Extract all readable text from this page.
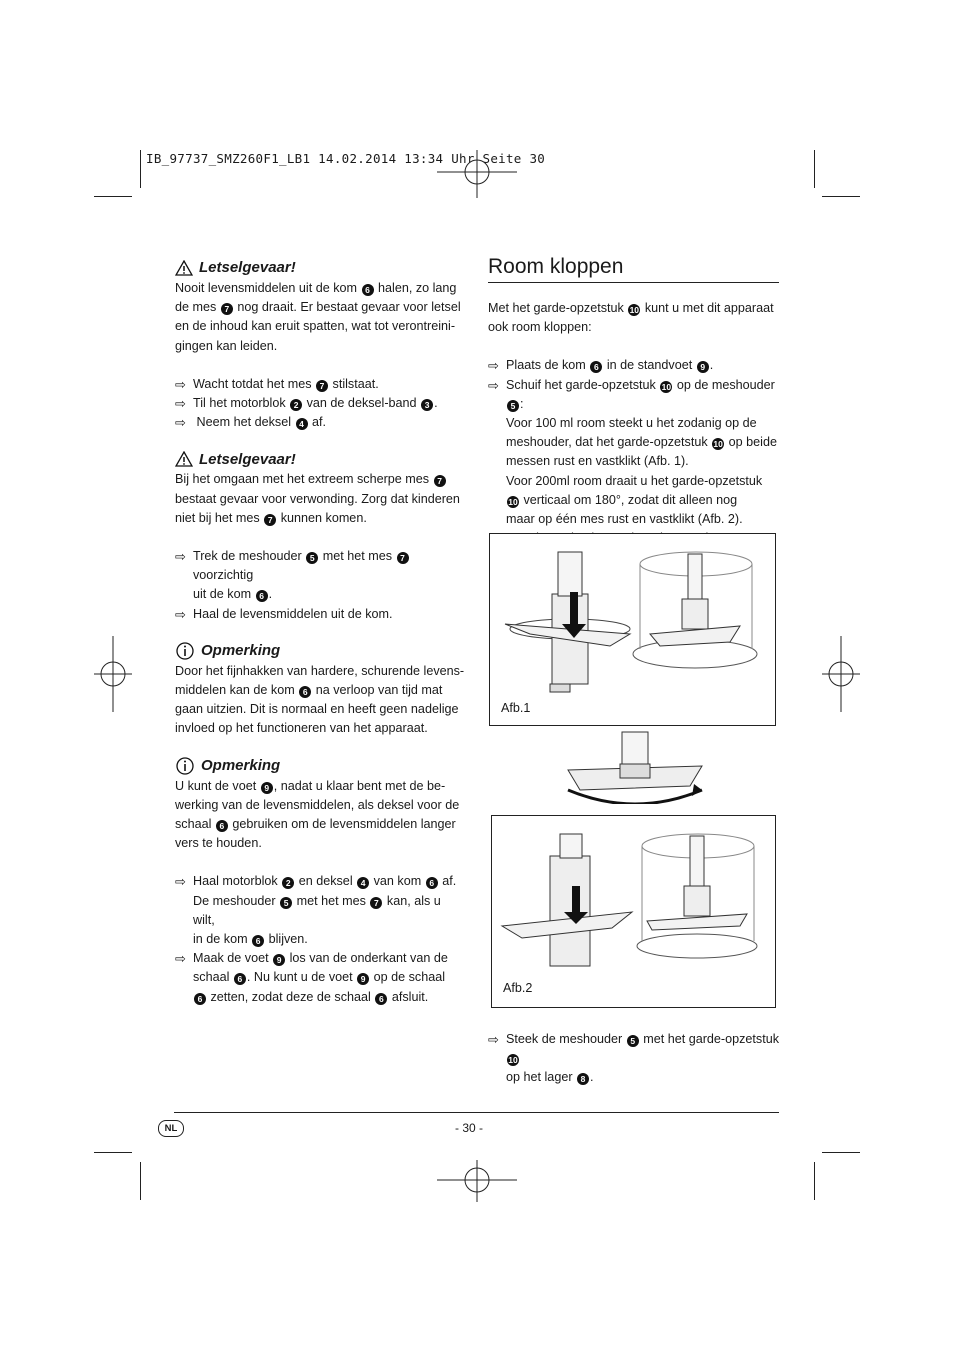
IB_97737_SMZ260F1_LB1 14.02.2014 13:34 Uhr Seite 30
Letselgevaar!

Nooit levensmiddelen uit de kom 6 halen, zo lang
de mes 7 nog draait. Er bestaat gevaar voor letsel
en de inhoud kan eruit spatten, wat tot verontreini-
gingen kan leiden.

⇨ Wacht totdat het mes 7 stilstaat.

⇨ Til het motorblok 2 van de deksel-band 3 .

⇨ Neem het deksel 4 af.

Letselgevaar!

Bij het omgaan met het extreem scherpe mes 7
bestaat gevaar voor verwonding. Zorg dat kinderen
niet bij het mes 7 kunnen komen.

⇨ Trek de meshouder 5 met het mes 7 voorzichtig
uit de kom 6 .

⇨ Haal de levensmiddelen uit de kom.

Opmerking

Door het fijnhakken van hardere, schurende levens-
middelen kan de kom 6 na verloop van tijd mat
gaan uitzien. Dit is normaal en heeft geen nadelige
invloed op het functioneren van het apparaat.

Opmerking

U kunt de voet 9 , nadat u klaar bent met de be-
werking van de levensmiddelen, als deksel voor de
schaal 6 gebruiken om de levensmiddelen langer
vers te houden.

⇨ Haal motorblok 2 en deksel 4 van kom 6 af.
De meshouder 5 met het mes 7 kan, als u wilt,
in de kom 6 blijven.

⇨ Maak de voet 9 los van de onderkant van de
schaal 6 . Nu kunt u de voet 9 op de schaal
6 zetten, zodat deze de schaal 6 afsluit.

Room kloppen

Met het garde-opzetstuk 10 kunt u met dit apparaat
ook room kloppen:

⇨ Plaats de kom 6 in de standvoet 9 .

⇨ Schuif het garde-opzetstuk 10 op de meshouder 5 :
Voor 100 ml room steekt u het zodanig op de
meshouder, dat het garde-opzetstuk 10 op beide
messen rust en vastklikt (Afb. 1).
Voor 200ml room draait u het garde-opzetstuk
10 verticaal om 180°, zodat dit alleen nog
maar op één mes rust en vastklikt (Afb. 2).

Afb.1
Afb.2

⇨ Steek de meshouder 5 met het garde-opzetstuk 10
op het lager 8 .

NL	- 30 -
